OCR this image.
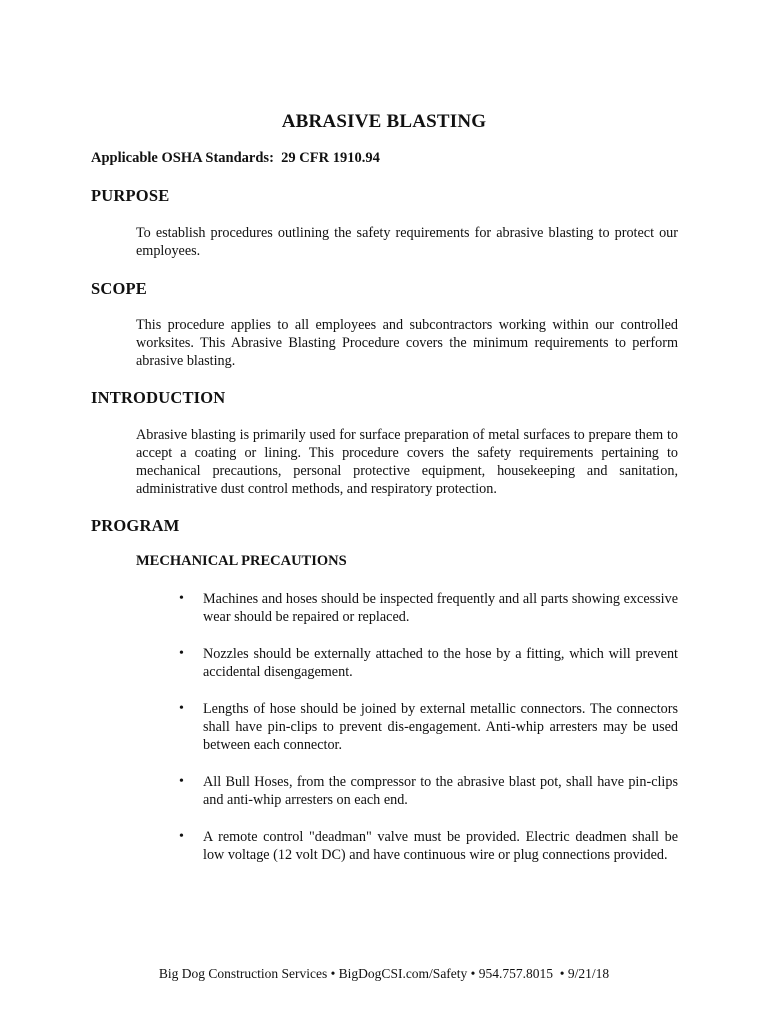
ABRASIVE BLASTING
Applicable OSHA Standards:  29 CFR 1910.94
PURPOSE
To establish procedures outlining the safety requirements for abrasive blasting to protect our employees.
SCOPE
This procedure applies to all employees and subcontractors working within our controlled worksites. This Abrasive Blasting Procedure covers the minimum requirements to perform abrasive blasting.
INTRODUCTION
Abrasive blasting is primarily used for surface preparation of metal surfaces to prepare them to accept a coating or lining. This procedure covers the safety requirements pertaining to mechanical precautions, personal protective equipment, housekeeping and sanitation, administrative dust control methods, and respiratory protection.
PROGRAM
MECHANICAL PRECAUTIONS
• Machines and hoses should be inspected frequently and all parts showing excessive wear should be repaired or replaced.
• Nozzles should be externally attached to the hose by a fitting, which will prevent accidental disengagement.
• Lengths of hose should be joined by external metallic connectors. The connectors shall have pin-clips to prevent dis-engagement. Anti-whip arresters may be used between each connector.
• All Bull Hoses, from the compressor to the abrasive blast pot, shall have pin-clips and anti-whip arresters on each end.
• A remote control "deadman" valve must be provided. Electric deadmen shall be low voltage (12 volt DC) and have continuous wire or plug connections provided.
Big Dog Construction Services • BigDogCSI.com/Safety • 954.757.8015  • 9/21/18
